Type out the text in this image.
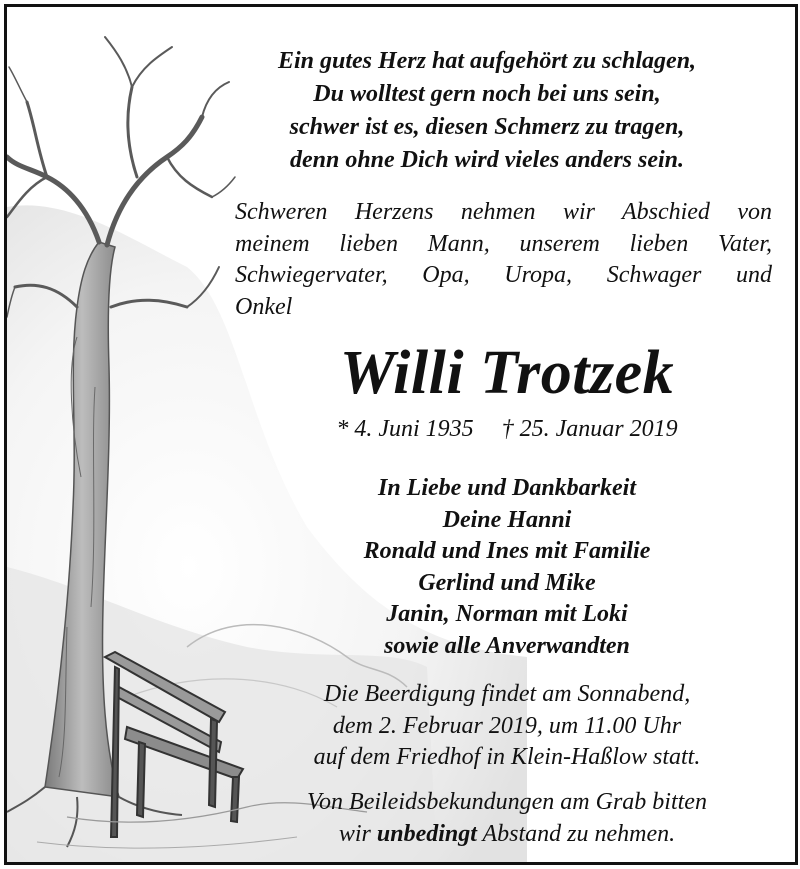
Ein gutes Herz hat aufgehört zu schlagen,
Du wolltest gern noch bei uns sein,
schwer ist es, diesen Schmerz zu tragen,
denn ohne Dich wird vieles anders sein.
Schweren Herzens nehmen wir Abschied von
meinem lieben Mann, unserem lieben Vater,
Schwiegervater, Opa, Uropa, Schwager und
Onkel
Willi Trotzek
* 4. Juni 1935 † 25. Januar 2019
In Liebe und Dankbarkeit
Deine Hanni
Ronald und Ines mit Familie
Gerlind und Mike
Janin, Norman mit Loki
sowie alle Anverwandten
Die Beerdigung findet am Sonnabend,
dem 2. Februar 2019, um 11.00 Uhr
auf dem Friedhof in Klein-Haßlow statt.
Von Beileidsbekundungen am Grab bitten
wir unbedingt Abstand zu nehmen.
